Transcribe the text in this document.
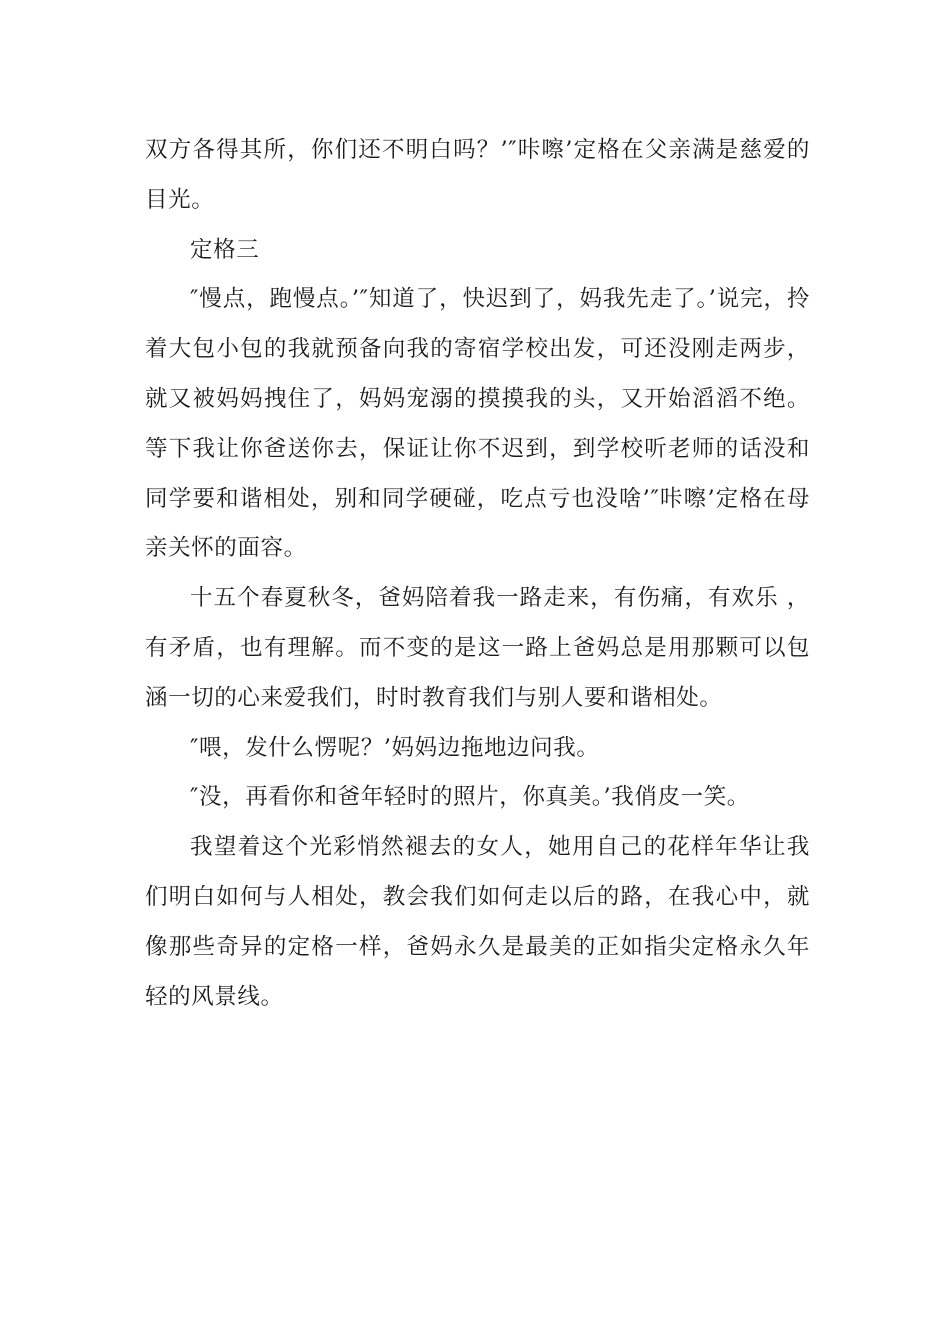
双方各得其所，你们还不明白吗？’″咔嚓’定格在父亲满是慈爱的目光。

定格三

″慢点，跑慢点。’″知道了，快迟到了，妈我先走了。’说完，拎着大包小包的我就预备向我的寄宿学校出发，可还没刚走两步，就又被妈妈拽住了，妈妈宠溺的摸摸我的头，又开始滔滔不绝。等下我让你爸送你去，保证让你不迟到，到学校听老师的话没和同学要和谐相处，别和同学硬碰，吃点亏也没啥’″咔嚓’定格在母亲关怀的面容。

十五个春夏秋冬，爸妈陪着我一路走来，有伤痛，有欢乐 ，有矛盾，也有理解。而不变的是这一路上爸妈总是用那颗可以包涵一切的心来爱我们，时时教育我们与别人要和谐相处。

″喂，发什么愣呢？’妈妈边拖地边问我。

″没，再看你和爸年轻时的照片，你真美。’我俏皮一笑。

我望着这个光彩悄然褪去的女人，她用自己的花样年华让我们明白如何与人相处，教会我们如何走以后的路，在我心中，就像那些奇异的定格一样，爸妈永久是最美的正如指尖定格永久年轻的风景线。
